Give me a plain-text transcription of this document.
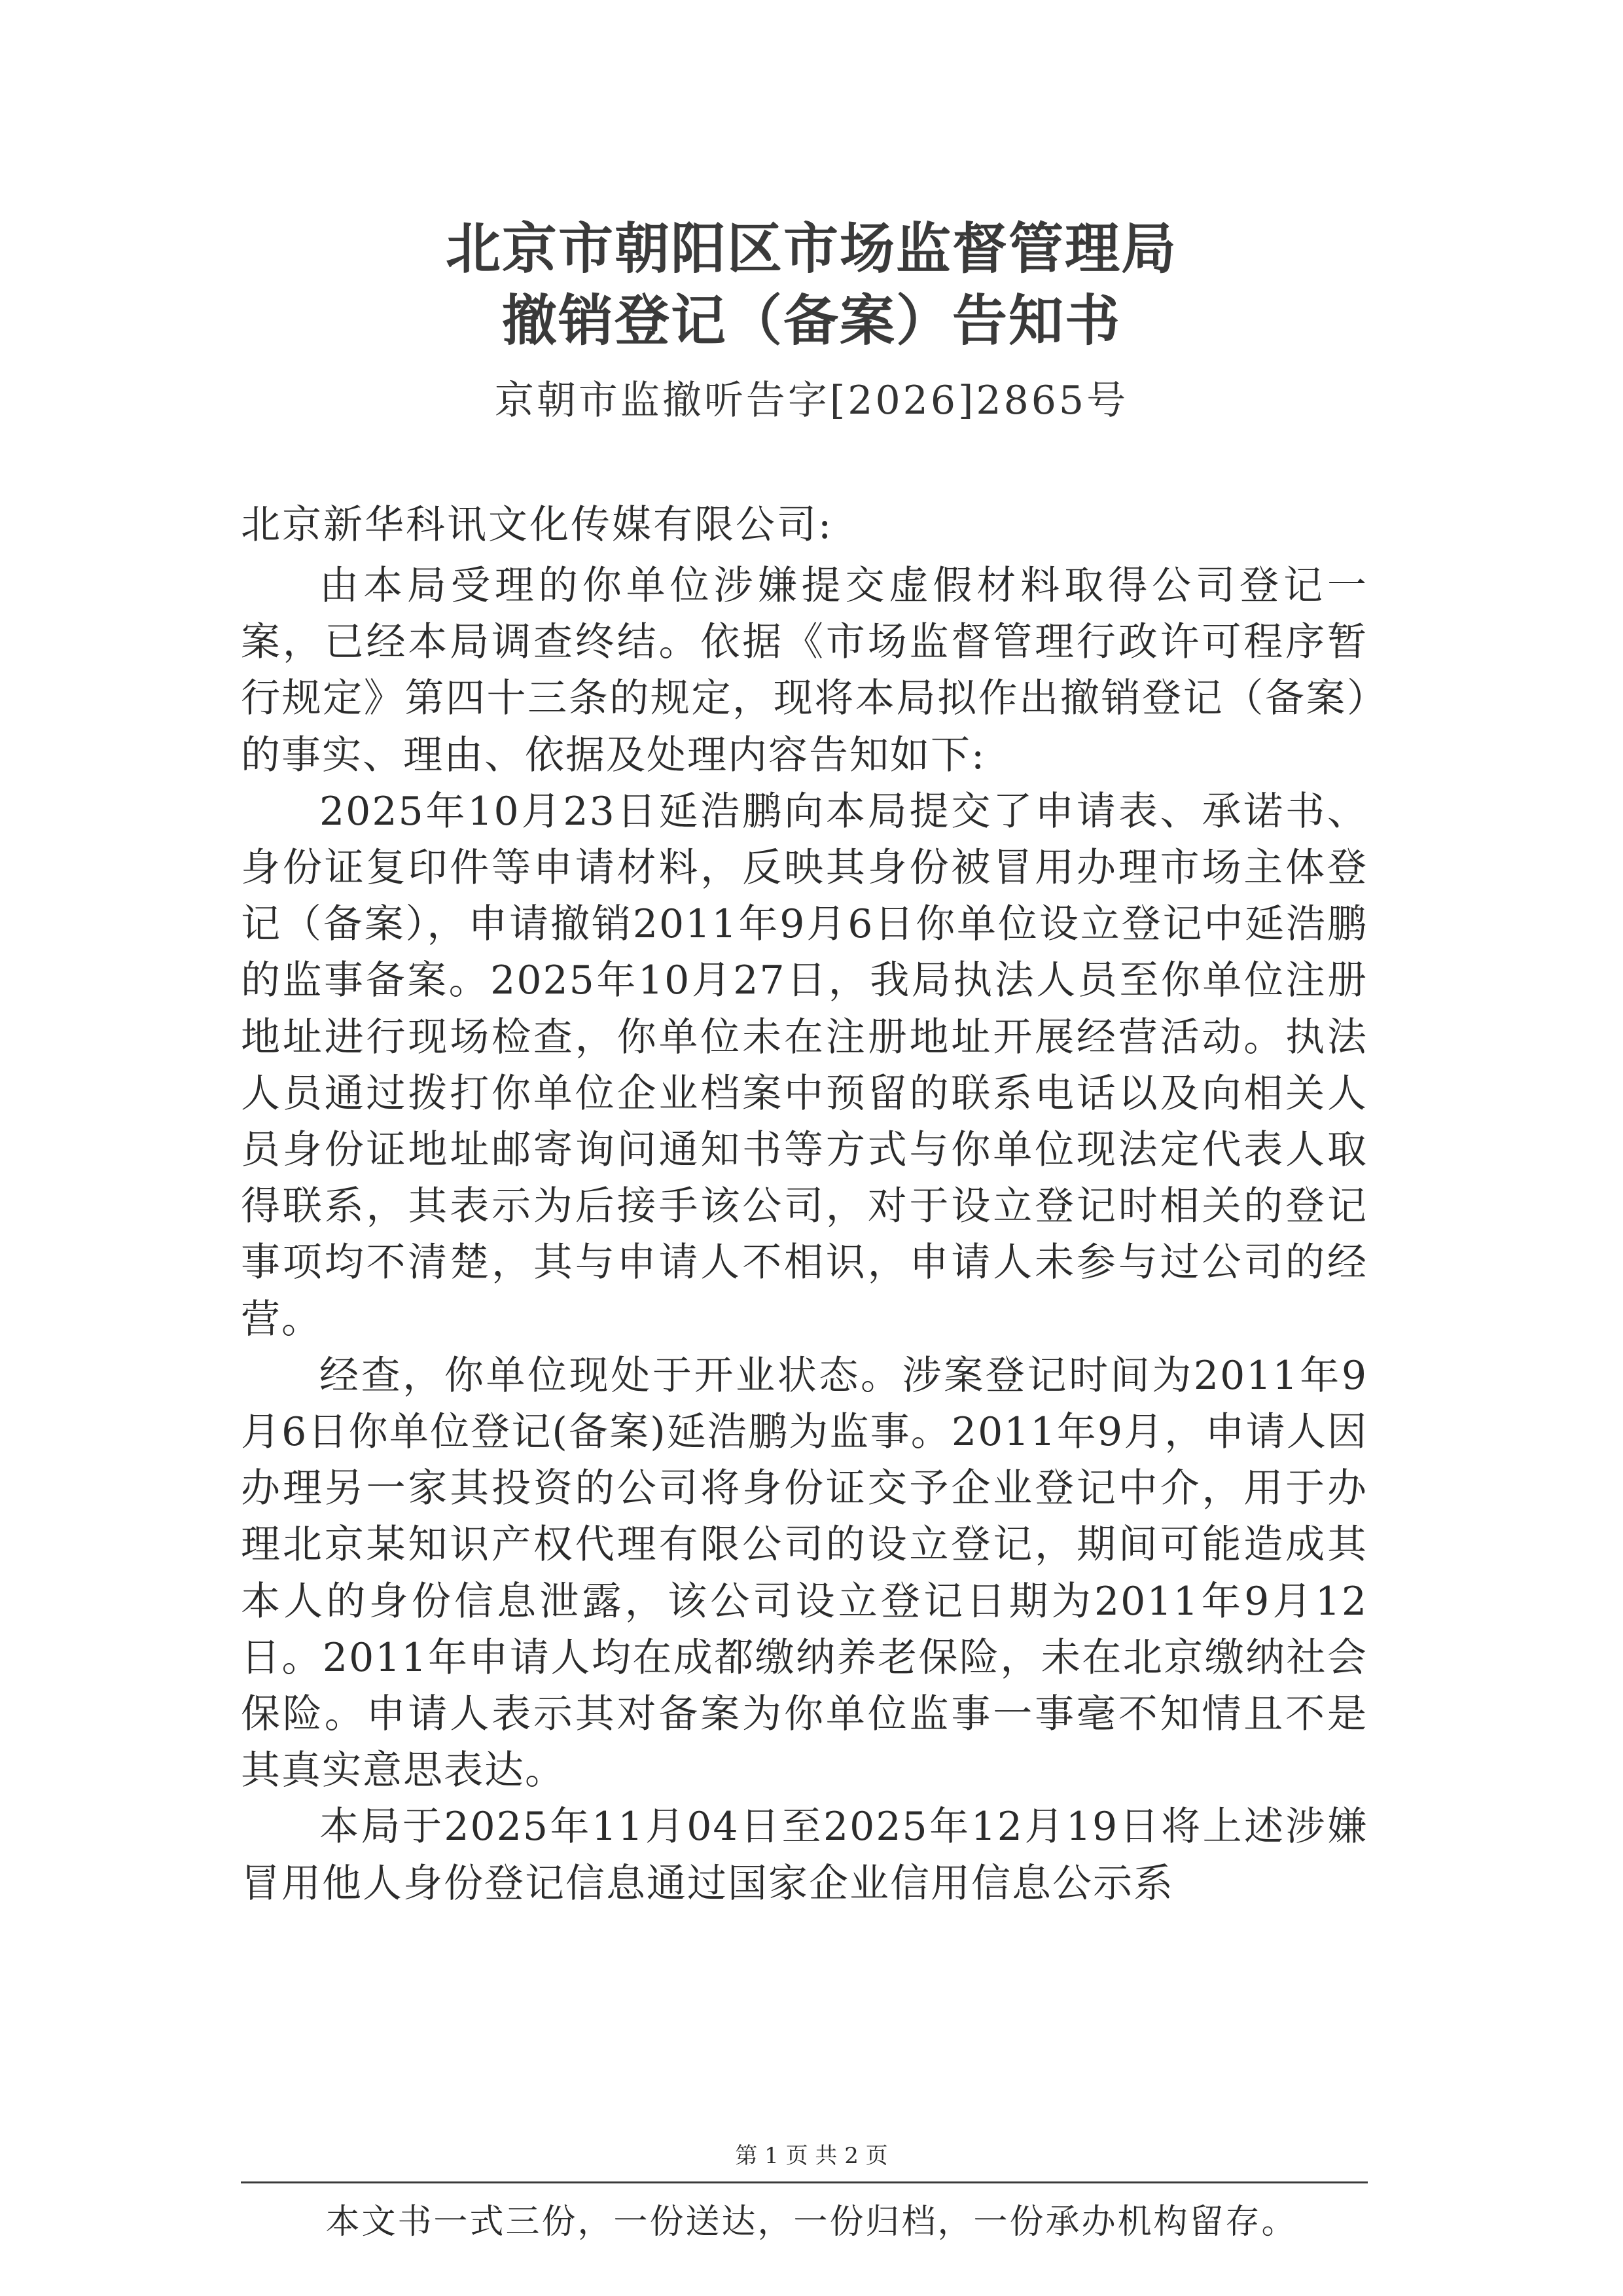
北京市朝阳区市场监督管理局
撤销登记（备案）告知书
京朝市监撤听告字[2026]2865号
北京新华科讯文化传媒有限公司:

由本局受理的你单位涉嫌提交虚假材料取得公司登记一案，已经本局调查终结。依据《市场监督管理行政许可程序暂行规定》第四十三条的规定，现将本局拟作出撤销登记（备案）的事实、理由、依据及处理内容告知如下:

2025年10月23日延浩鹏向本局提交了申请表、承诺书、身份证复印件等申请材料，反映其身份被冒用办理市场主体登记（备案），申请撤销2011年9月6日你单位设立登记中延浩鹏的监事备案。2025年10月27日，我局执法人员至你单位注册地址进行现场检查，你单位未在注册地址开展经营活动。执法人员通过拨打你单位企业档案中预留的联系电话以及向相关人员身份证地址邮寄询问通知书等方式与你单位现法定代表人取得联系，其表示为后接手该公司，对于设立登记时相关的登记事项均不清楚，其与申请人不相识，申请人未参与过公司的经营。

经查，你单位现处于开业状态。涉案登记时间为2011年9月6日你单位登记(备案)延浩鹏为监事。2011年9月，申请人因办理另一家其投资的公司将身份证交予企业登记中介，用于办理北京某知识产权代理有限公司的设立登记，期间可能造成其本人的身份信息泄露，该公司设立登记日期为2011年9月12日。2011年申请人均在成都缴纳养老保险，未在北京缴纳社会保险。申请人表示其对备案为你单位监事一事毫不知情且不是其真实意思表达。

本局于2025年11月04日至2025年12月19日将上述涉嫌冒用他人身份登记信息通过国家企业信用信息公示系

第 1 页 共 2 页
本文书一式三份，一份送达，一份归档，一份承办机构留存。
